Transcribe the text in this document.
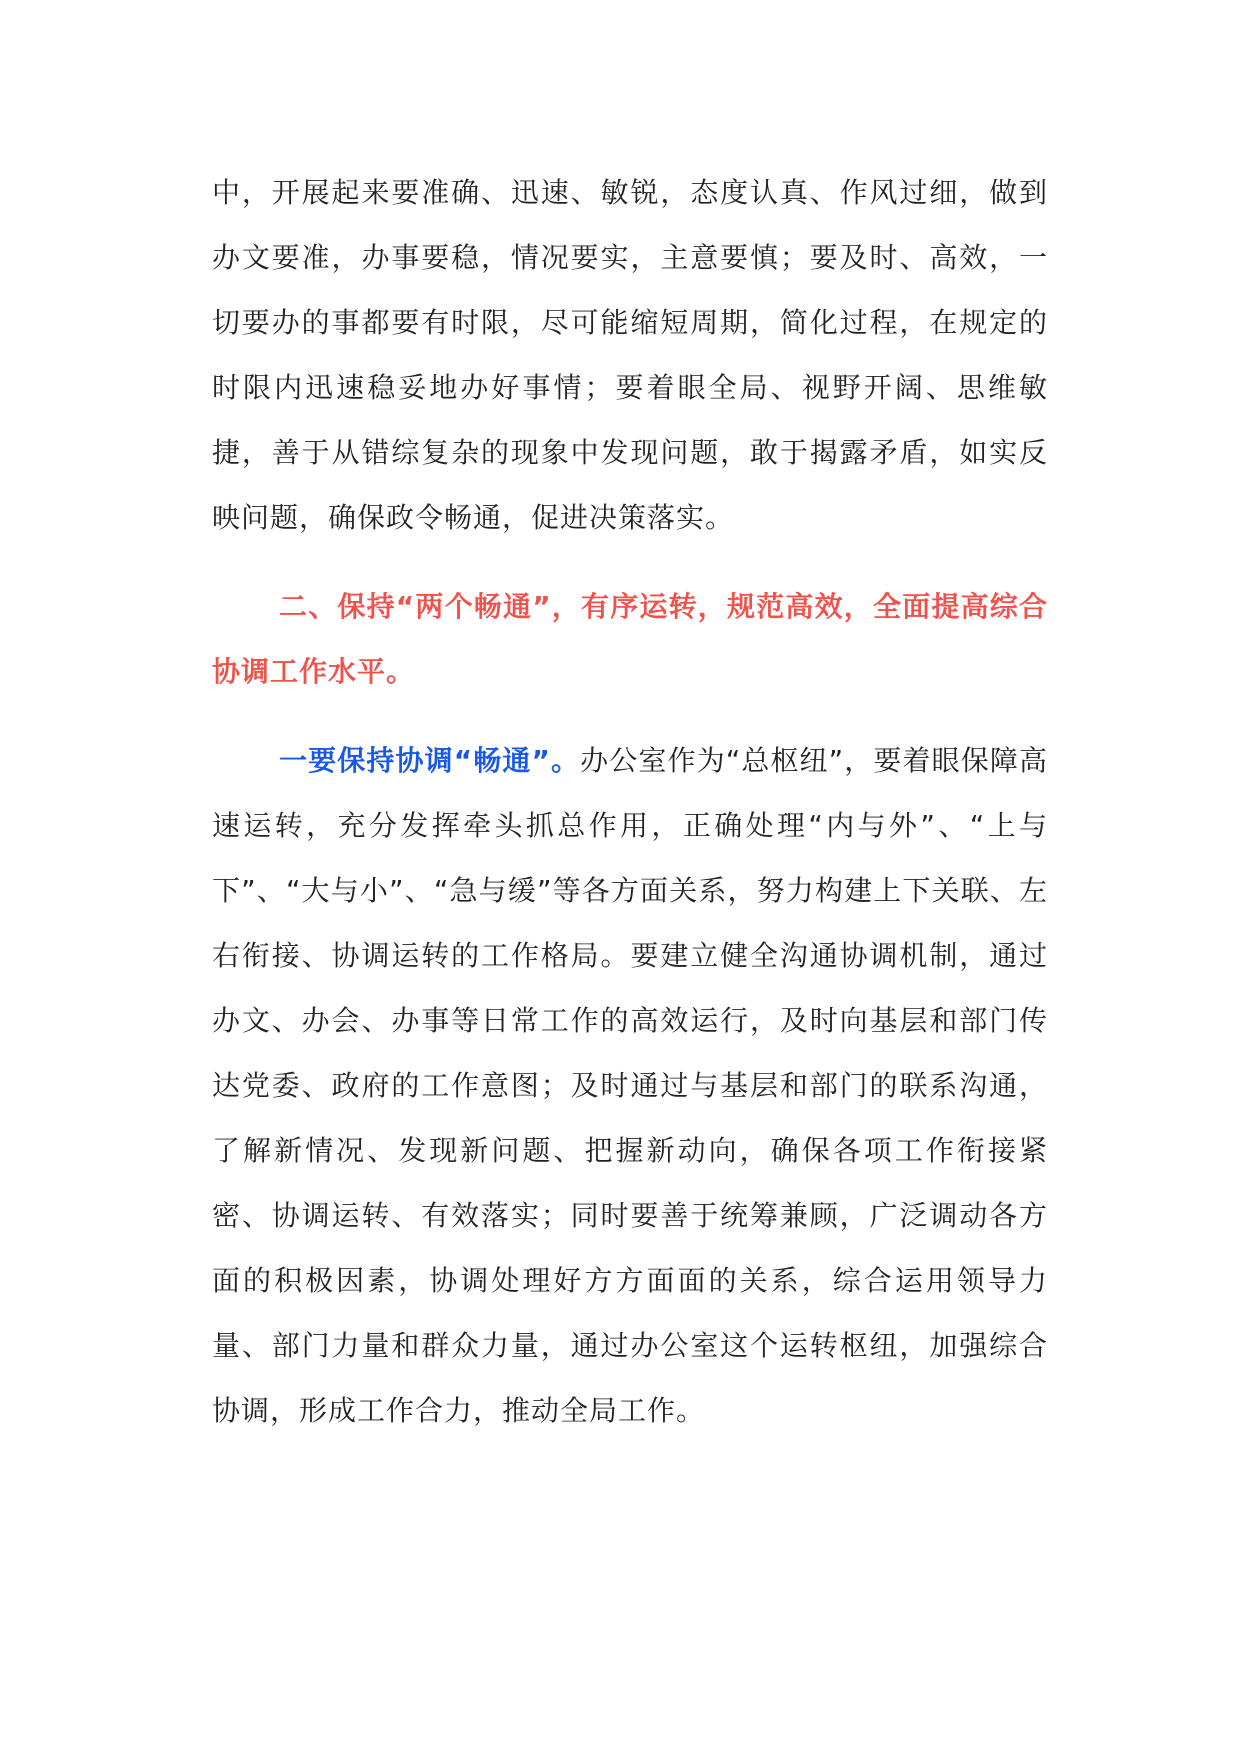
中，开展起来要准确、迅速、敏锐，态度认真、作风过细，做到办文要准，办事要稳，情况要实，主意要慎；要及时、高效，一切要办的事都要有时限，尽可能缩短周期，简化过程，在规定的时限内迅速稳妥地办好事情；要着眼全局、视野开阔、思维敏捷，善于从错综复杂的现象中发现问题，敢于揭露矛盾，如实反映问题，确保政令畅通，促进决策落实。

二、保持“两个畅通”，有序运转，规范高效，全面提高综合协调工作水平。

一要保持协调“畅通”。办公室作为“总枢纽”，要着眼保障高速运转，充分发挥牵头抓总作用，正确处理“内与外”、“上与下”、“大与小”、“急与缓”等各方面关系，努力构建上下关联、左右衔接、协调运转的工作格局。要建立健全沟通协调机制，通过办文、办会、办事等日常工作的高效运行，及时向基层和部门传达党委、政府的工作意图；及时通过与基层和部门的联系沟通，了解新情况、发现新问题、把握新动向，确保各项工作衔接紧密、协调运转、有效落实；同时要善于统筹兼顾，广泛调动各方面的积极因素，协调处理好方方面面的关系，综合运用领导力量、部门力量和群众力量，通过办公室这个运转枢纽，加强综合协调，形成工作合力，推动全局工作。
